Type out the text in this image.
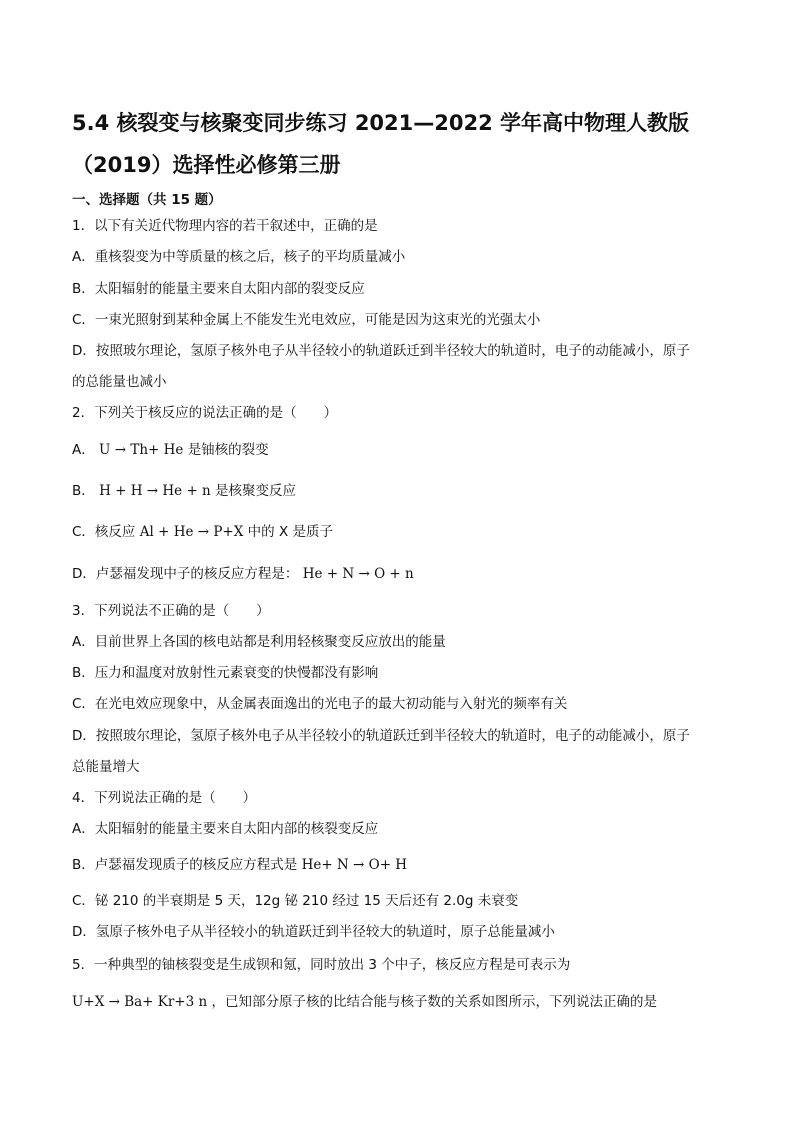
5.4 核裂变与核聚变同步练习 2021—2022 学年高中物理人教版
（2019）选择性必修第三册
一、选择题（共 15 题）
1．以下有关近代物理内容的若干叙述中，正确的是
A．重核裂变为中等质量的核之后，核子的平均质量减小
B．太阳辐射的能量主要来自太阳内部的裂变反应
C．一束光照射到某种金属上不能发生光电效应，可能是因为这束光的光强太小
D．按照玻尔理论，氢原子核外电子从半径较小的轨道跃迁到半径较大的轨道时，电子的动能减小，原子
的总能量也减小
2．下列关于核反应的说法正确的是（　　）
A． U → Th+ He 是铀核的裂变
B． H + H → He + n 是核聚变反应
C．核反应 Al + He → P+X 中的 X 是质子
D．卢瑟福发现中子的核反应方程是： He + N → O + n
3．下列说法不正确的是（　　）
A．目前世界上各国的核电站都是利用轻核聚变反应放出的能量
B．压力和温度对放射性元素衰变的快慢都没有影响
C．在光电效应现象中，从金属表面逸出的光电子的最大初动能与入射光的频率有关
D．按照玻尔理论，氢原子核外电子从半径较小的轨道跃迁到半径较大的轨道时，电子的动能减小，原子
总能量增大
4．下列说法正确的是（　　）
A．太阳辐射的能量主要来自太阳内部的核裂变反应
B．卢瑟福发现质子的核反应方程式是 He+ N → O+ H
C．铋 210 的半衰期是 5 天，12g 铋 210 经过 15 天后还有 2.0g 未衰变
D．氢原子核外电子从半径较小的轨道跃迁到半径较大的轨道时，原子总能量减小
5．一种典型的铀核裂变是生成钡和氪，同时放出 3 个中子，核反应方程是可表示为
U+X → Ba+ Kr+3 n ，已知部分原子核的比结合能与核子数的关系如图所示，下列说法正确的是
